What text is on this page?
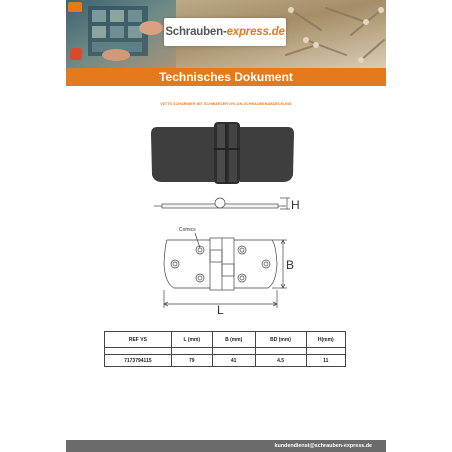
Schrauben- express.de
Technisches Dokument
V6TTS SCHARNIER MIT SCHWARZER NYLON-SCHRAUBENABDECKUNG
H
Comics
B
L
REF VS	L (mm)	B (mm)	BD (mm)	H(mm)

7173794115	79	41	4.5	11
kundendienst@schrauben-express.de
